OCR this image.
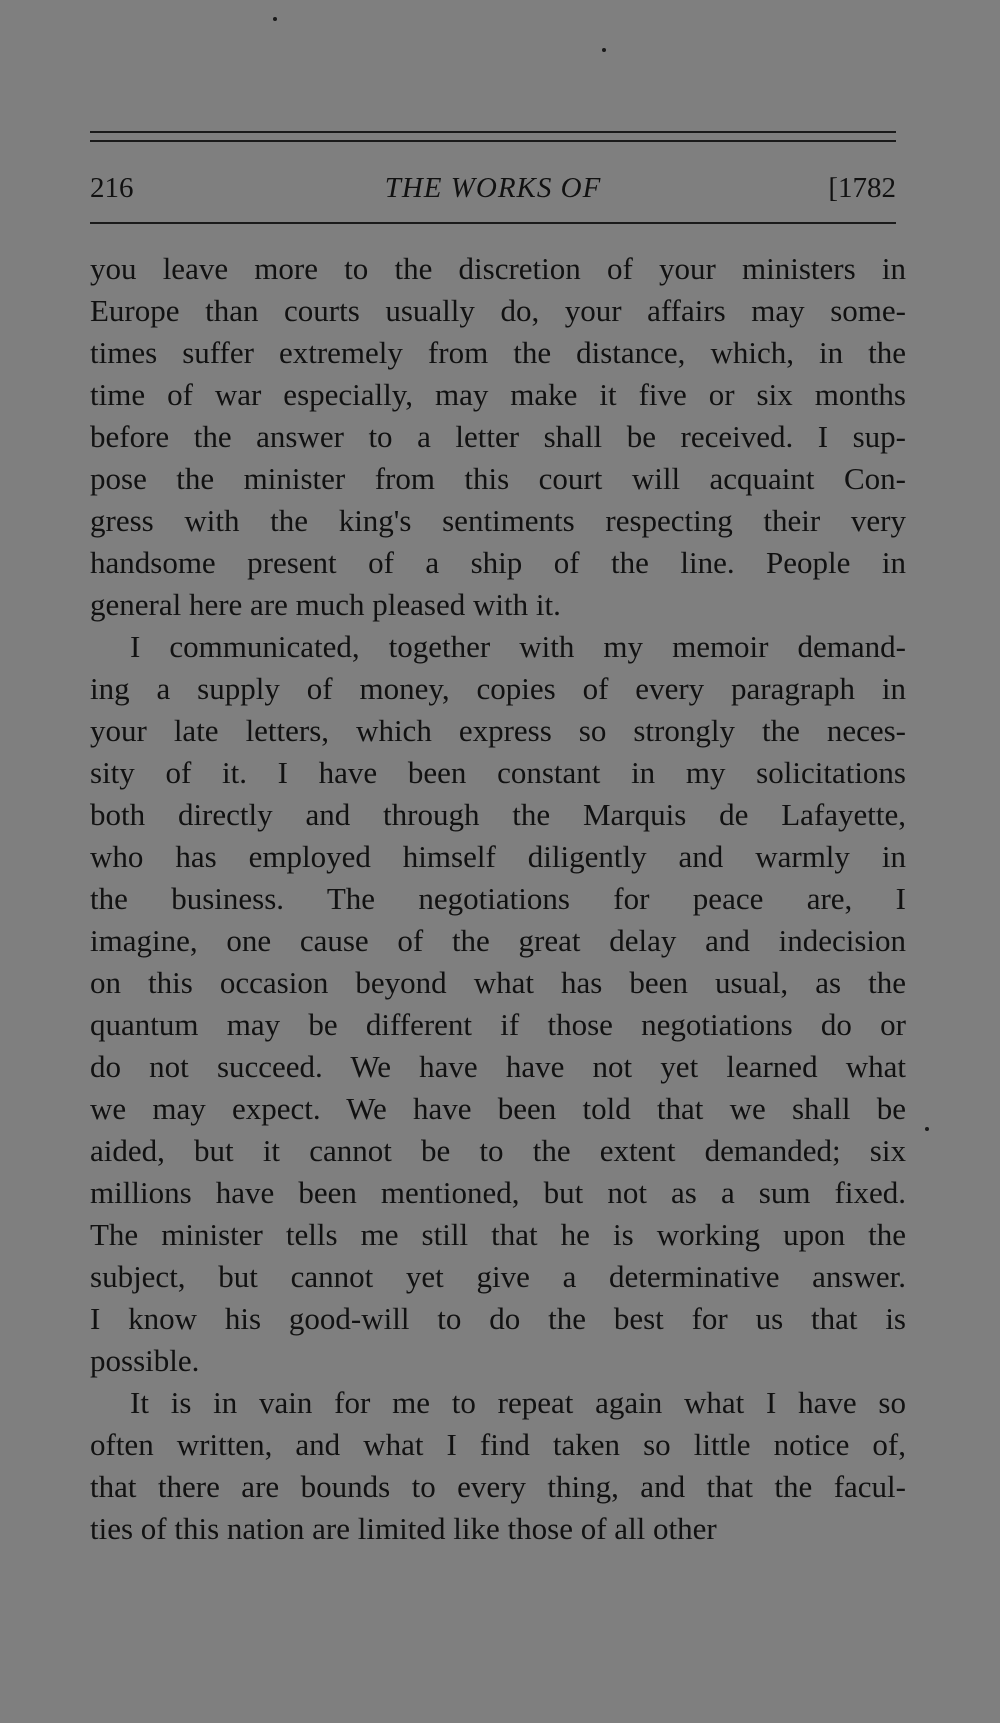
216	THE WORKS OF	[1782
you leave more to the discretion of your ministers in
Europe than courts usually do, your affairs may some-
times suffer extremely from the distance, which, in the
time of war especially, may make it five or six months
before the answer to a letter shall be received. I sup-
pose the minister from this court will acquaint Con-
gress with the king's sentiments respecting their very
handsome present of a ship of the line. People in
general here are much pleased with it.
I communicated, together with my memoir demand-
ing a supply of money, copies of every paragraph in
your late letters, which express so strongly the neces-
sity of it. I have been constant in my solicitations
both directly and through the Marquis de Lafayette,
who has employed himself diligently and warmly in
the business. The negotiations for peace are, I
imagine, one cause of the great delay and indecision
on this occasion beyond what has been usual, as the
quantum may be different if those negotiations do or
do not succeed. We have have not yet learned what
we may expect. We have been told that we shall be
aided, but it cannot be to the extent demanded; six
millions have been mentioned, but not as a sum fixed.
The minister tells me still that he is working upon the
subject, but cannot yet give a determinative answer.
I know his good-will to do the best for us that is
possible.
It is in vain for me to repeat again what I have so
often written, and what I find taken so little notice of,
that there are bounds to every thing, and that the facul-
ties of this nation are limited like those of all other
